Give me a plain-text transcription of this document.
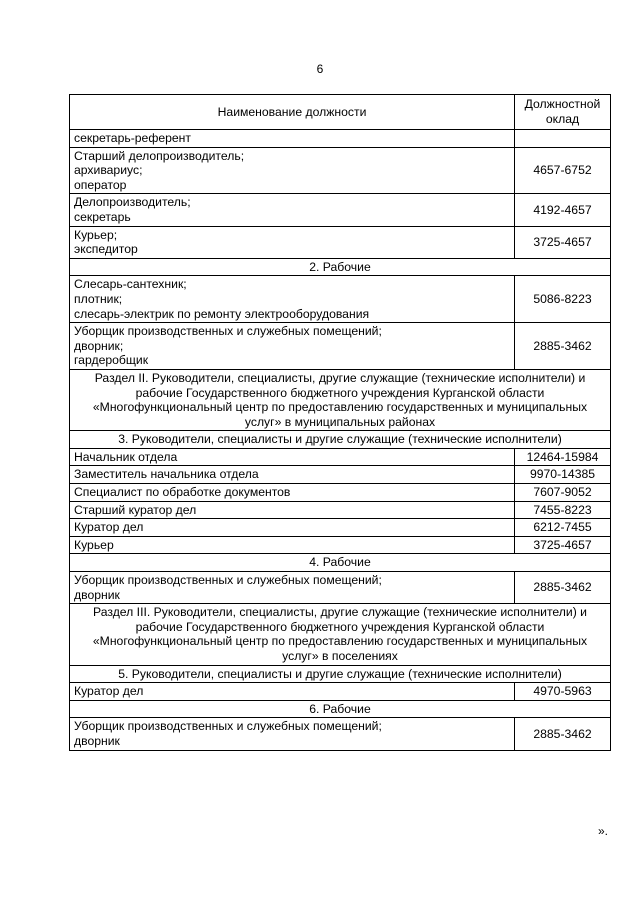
6
Наименование должности	Должностной
оклад

секретарь-референт	

Старший делопроизводитель;
архивариус;
оператор	4657-6752

Делопроизводитель;
секретарь	4192-4657

Курьер;
экспедитор	3725-4657

2. Рабочие	

Слесарь-сантехник;
плотник;
слесарь-электрик по ремонту электрооборудования	5086-8223

Уборщик производственных и служебных помещений;
дворник;
гардеробщик	2885-3462

Раздел II. Руководители, специалисты, другие служащие (технические исполнители) и
рабочие Государственного бюджетного учреждения Курганской области
«Многофункциональный центр по предоставлению государственных и муниципальных
услуг» в муниципальных районах	

3. Руководители, специалисты и другие служащие (технические исполнители)	

Начальник отдела	12464-15984

Заместитель начальника отдела	9970-14385

Специалист по обработке документов	7607-9052

Старший куратор дел	7455-8223

Куратор дел	6212-7455

Курьер	3725-4657

4. Рабочие	

Уборщик производственных и служебных помещений;
дворник	2885-3462

Раздел III. Руководители, специалисты, другие служащие (технические исполнители) и
рабочие Государственного бюджетного учреждения Курганской области
«Многофункциональный центр по предоставлению государственных и муниципальных
услуг» в поселениях	

5. Руководители, специалисты и другие служащие (технические исполнители)	

Куратор дел	4970-5963

6. Рабочие	

Уборщик производственных и служебных помещений;
дворник	2885-3462
».
